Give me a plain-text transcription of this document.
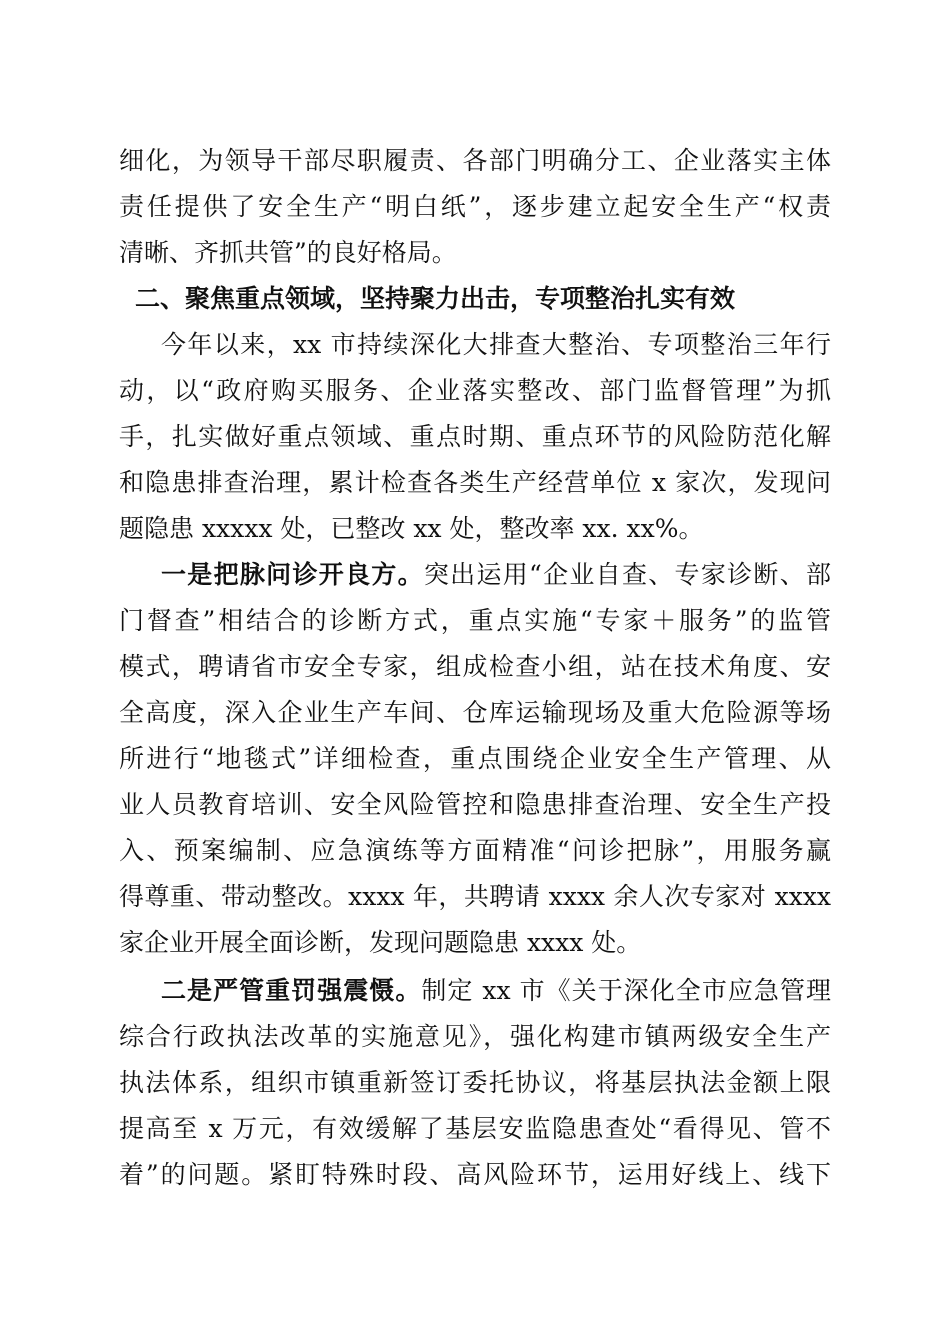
细化，为领导干部尽职履责、各部门明确分工、企业落实主体
责任提供了安全生产“明白纸”，逐步建立起安全生产“权责
清晰、齐抓共管”的良好格局。
二、聚焦重点领域，坚持聚力出击，专项整治扎实有效
今年以来，xx 市持续深化大排查大整治、专项整治三年行
动，以“政府购买服务、企业落实整改、部门监督管理”为抓
手，扎实做好重点领域、重点时期、重点环节的风险防范化解
和隐患排查治理，累计检查各类生产经营单位 x 家次，发现问
题隐患 xxxxx 处，已整改 xx 处，整改率 xx. xx%。
一是把脉问诊开良方。突出运用“企业自查、专家诊断、部
门督查”相结合的诊断方式，重点实施“专家＋服务”的监管
模式，聘请省市安全专家，组成检查小组，站在技术角度、安
全高度，深入企业生产车间、仓库运输现场及重大危险源等场
所进行“地毯式”详细检查，重点围绕企业安全生产管理、从
业人员教育培训、安全风险管控和隐患排查治理、安全生产投
入、预案编制、应急演练等方面精准“问诊把脉”，用服务赢
得尊重、带动整改。xxxx 年，共聘请 xxxx 余人次专家对 xxxx
家企业开展全面诊断，发现问题隐患 xxxx 处。
二是严管重罚强震慑。制定 xx 市《关于深化全市应急管理
综合行政执法改革的实施意见》，强化构建市镇两级安全生产
执法体系，组织市镇重新签订委托协议，将基层执法金额上限
提高至 x 万元，有效缓解了基层安监隐患查处“看得见、管不
着”的问题。紧盯特殊时段、高风险环节，运用好线上、线下
